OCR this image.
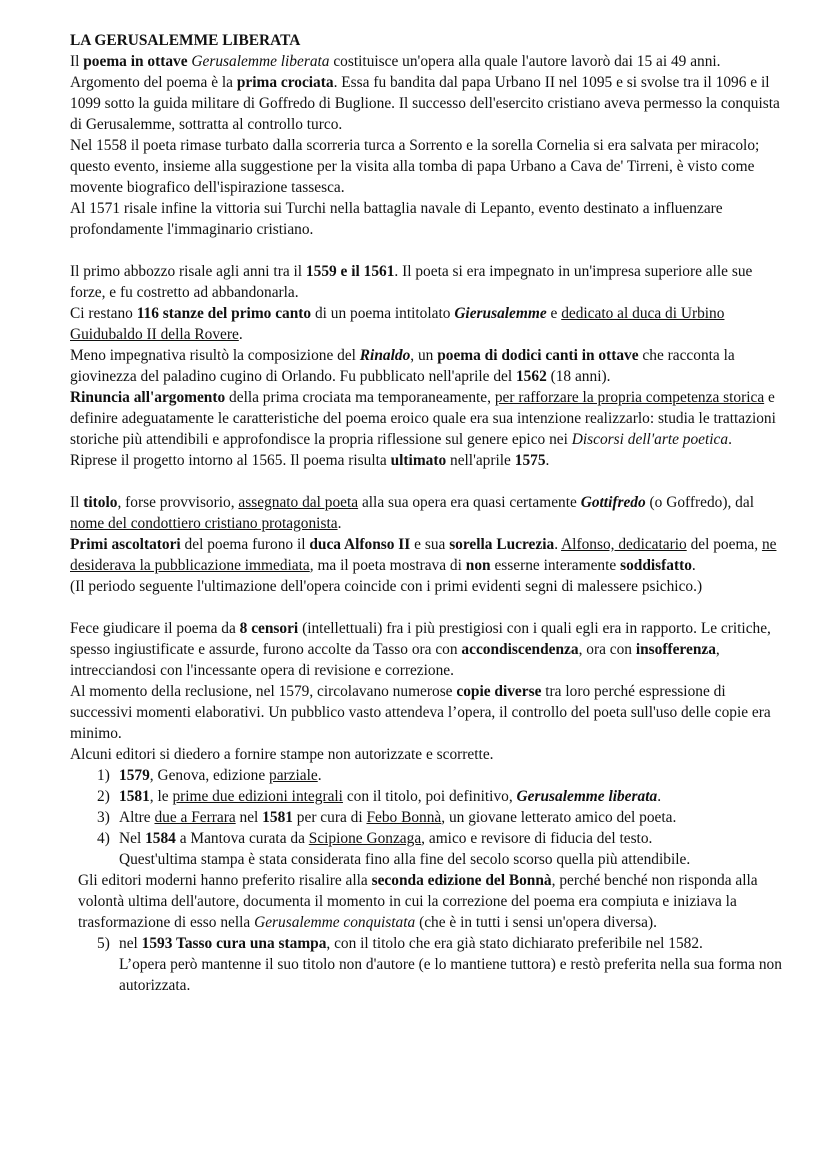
LA GERUSALEMME LIBERATA

Il poema in ottave Gerusalemme liberata costituisce un'opera alla quale l'autore lavorò dai 15 ai 49 anni. Argomento del poema è la prima crociata. Essa fu bandita dal papa Urbano II nel 1095 e si svolse tra il 1096 e il 1099 sotto la guida militare di Goffredo di Buglione. Il successo dell'esercito cristiano aveva permesso la conquista di Gerusalemme, sottratta al controllo turco.

Nel 1558 il poeta rimase turbato dalla scorreria turca a Sorrento e la sorella Cornelia si era salvata per miracolo; questo evento, insieme alla suggestione per la visita alla tomba di papa Urbano a Cava de' Tirreni, è visto come movente biografico dell'ispirazione tassesca.

Al 1571 risale infine la vittoria sui Turchi nella battaglia navale di Lepanto, evento destinato a influenzare profondamente l'immaginario cristiano.

Il primo abbozzo risale agli anni tra il 1559 e il 1561. Il poeta si era impegnato in un'impresa superiore alle sue forze, e fu costretto ad abbandonarla.

Ci restano 116 stanze del primo canto di un poema intitolato Gierusalemme e dedicato al duca di Urbino Guidubaldo II della Rovere.

Meno impegnativa risultò la composizione del Rinaldo, un poema di dodici canti in ottave che racconta la giovinezza del paladino cugino di Orlando. Fu pubblicato nell'aprile del 1562 (18 anni).

Rinuncia all'argomento della prima crociata ma temporaneamente, per rafforzare la propria competenza storica e definire adeguatamente le caratteristiche del poema eroico quale era sua intenzione realizzarlo: studia le trattazioni storiche più attendibili e approfondisce la propria riflessione sul genere epico nei Discorsi dell'arte poetica.

Riprese il progetto intorno al 1565. Il poema risulta ultimato nell'aprile 1575.

Il titolo, forse provvisorio, assegnato dal poeta alla sua opera era quasi certamente Gottifredo (o Goffredo), dal nome del condottiero cristiano protagonista.

Primi ascoltatori del poema furono il duca Alfonso II e sua sorella Lucrezia. Alfonso, dedicatario del poema, ne desiderava la pubblicazione immediata, ma il poeta mostrava di non esserne interamente soddisfatto.

(Il periodo seguente l'ultimazione dell'opera coincide con i primi evidenti segni di malessere psichico.)

Fece giudicare il poema da 8 censori (intellettuali) fra i più prestigiosi con i quali egli era in rapporto. Le critiche, spesso ingiustificate e assurde, furono accolte da Tasso ora con accondiscendenza, ora con insofferenza, intrecciandosi con l'incessante opera di revisione e correzione.

Al momento della reclusione, nel 1579, circolavano numerose copie diverse tra loro perché espressione di successivi momenti elaborativi. Un pubblico vasto attendeva l’opera, il controllo del poeta sull'uso delle copie era minimo.

Alcuni editori si diedero a fornire stampe non autorizzate e scorrette.

1) 1579, Genova, edizione parziale.
2) 1581, le prime due edizioni integrali con il titolo, poi definitivo, Gerusalemme liberata.
3) Altre due a Ferrara nel 1581 per cura di Febo Bonnà, un giovane letterato amico del poeta.
4) Nel 1584 a Mantova curata da Scipione Gonzaga, amico e revisore di fiducia del testo.
Quest'ultima stampa è stata considerata fino alla fine del secolo scorso quella più attendibile.

Gli editori moderni hanno preferito risalire alla seconda edizione del Bonnà, perché benché non risponda alla volontà ultima dell'autore, documenta il momento in cui la correzione del poema era compiuta e iniziava la trasformazione di esso nella Gerusalemme conquistata (che è in tutti i sensi un'opera diversa).

5) nel 1593 Tasso cura una stampa, con il titolo che era già stato dichiarato preferibile nel 1582.
L’opera però mantenne il suo titolo non d'autore (e lo mantiene tuttora) e restò preferita nella sua forma non autorizzata.
